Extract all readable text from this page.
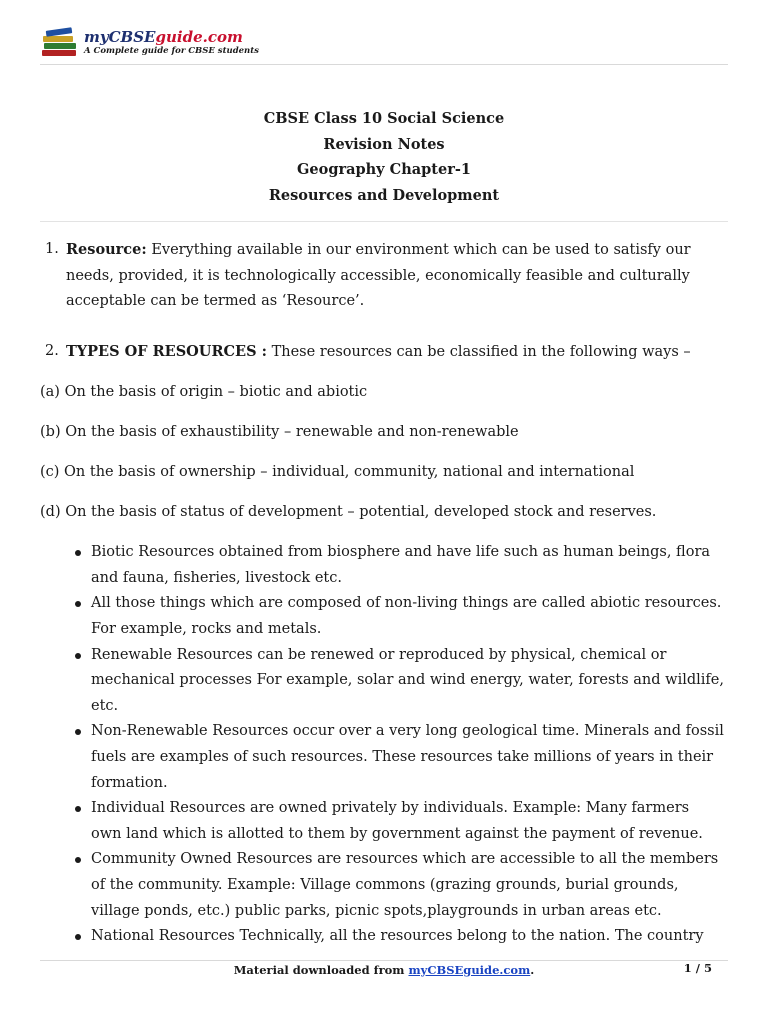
myCBSEguide.com
A Complete guide for CBSE students
CBSE Class 10 Social Science
Revision Notes
Geography Chapter-1
Resources and Development
1. Resource: Everything available in our environment which can be used to satisfy our
needs, provided, it is technologically accessible, economically feasible and culturally
acceptable can be termed as ‘Resource’.
2. TYPES OF RESOURCES : These resources can be classified in the following ways –

(a) On the basis of origin – biotic and abiotic

(b) On the basis of exhaustibility – renewable and non-renewable

(c) On the basis of ownership – individual, community, national and international

(d) On the basis of status of development – potential, developed stock and reserves.

Biotic Resources obtained from biosphere and have life such as human beings, flora
and fauna, fisheries, livestock etc.
All those things which are composed of non-living things are called abiotic resources.
For example, rocks and metals.
Renewable Resources can be renewed or reproduced by physical, chemical or
mechanical processes For example, solar and wind energy, water, forests and wildlife,
etc.
Non-Renewable Resources occur over a very long geological time. Minerals and fossil
fuels are examples of such resources. These resources take millions of years in their
formation.
Individual Resources are owned privately by individuals. Example: Many farmers
own land which is allotted to them by government against the payment of revenue.
Community Owned Resources are resources which are accessible to all the members
of the community. Example: Village commons (grazing grounds, burial grounds,
village ponds, etc.) public parks, picnic spots,playgrounds in urban areas etc.
National Resources Technically, all the resources belong to the nation. The country
Material downloaded from myCBSEguide.com.	1 / 5
